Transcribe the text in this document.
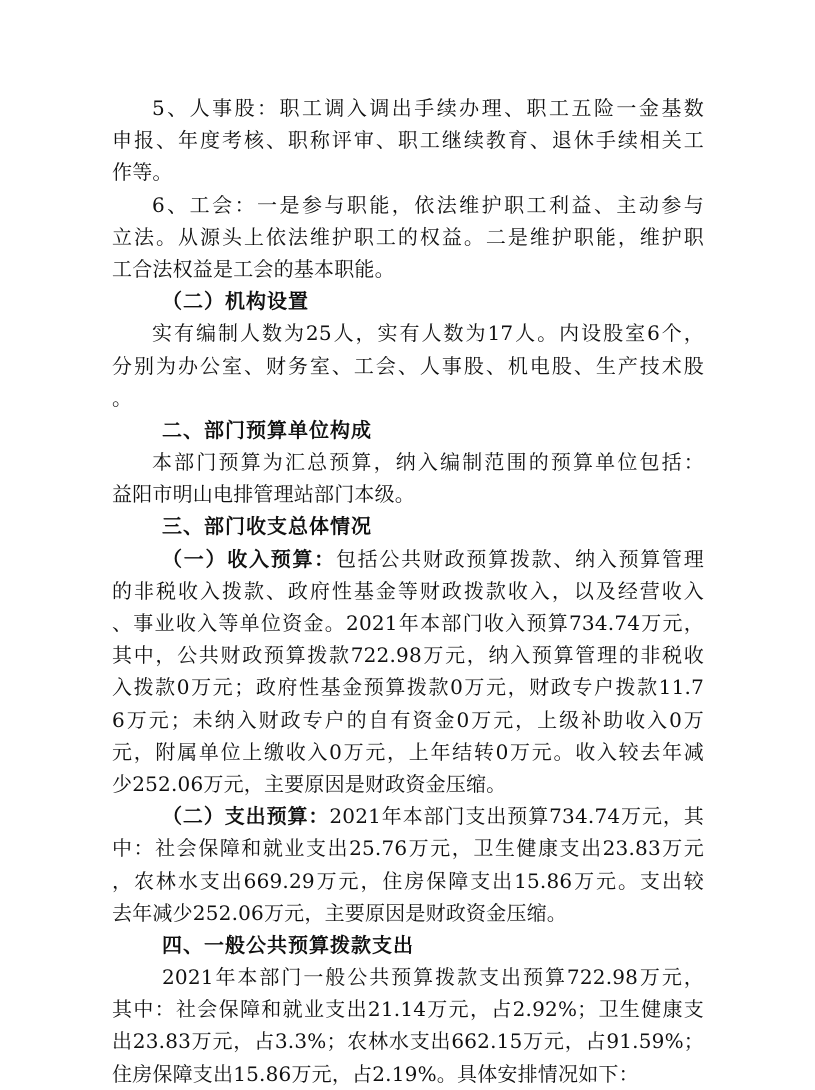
5、人事股：职工调入调出手续办理、职工五险一金基数
申报、年度考核、职称评审、职工继续教育、退休手续相关工
作等。
6、工会：一是参与职能，依法维护职工利益、主动参与
立法。从源头上依法维护职工的权益。二是维护职能，维护职
工合法权益是工会的基本职能。
（二）机构设置
实有编制人数为25人，实有人数为17人。内设股室6个，
分别为办公室、财务室、工会、人事股、机电股、生产技术股
。
二、部门预算单位构成
本部门预算为汇总预算，纳入编制范围的预算单位包括：
益阳市明山电排管理站部门本级。
三、部门收支总体情况
（一）收入预算：包括公共财政预算拨款、纳入预算管理
的非税收入拨款、政府性基金等财政拨款收入，以及经营收入
、事业收入等单位资金。2021年本部门收入预算734.74万元，
其中，公共财政预算拨款722.98万元，纳入预算管理的非税收
入拨款0万元；政府性基金预算拨款0万元，财政专户拨款11.7
6万元；未纳入财政专户的自有资金0万元，上级补助收入0万
元，附属单位上缴收入0万元，上年结转0万元。收入较去年减
少252.06万元，主要原因是财政资金压缩。
（二）支出预算：2021年本部门支出预算734.74万元，其
中：社会保障和就业支出25.76万元，卫生健康支出23.83万元
，农林水支出669.29万元，住房保障支出15.86万元。支出较
去年减少252.06万元，主要原因是财政资金压缩。
四、一般公共预算拨款支出
2021年本部门一般公共预算拨款支出预算722.98万元，
其中：社会保障和就业支出21.14万元，占2.92%；卫生健康支
出23.83万元，占3.3%；农林水支出662.15万元，占91.59%；
住房保障支出15.86万元，占2.19%。具体安排情况如下：
